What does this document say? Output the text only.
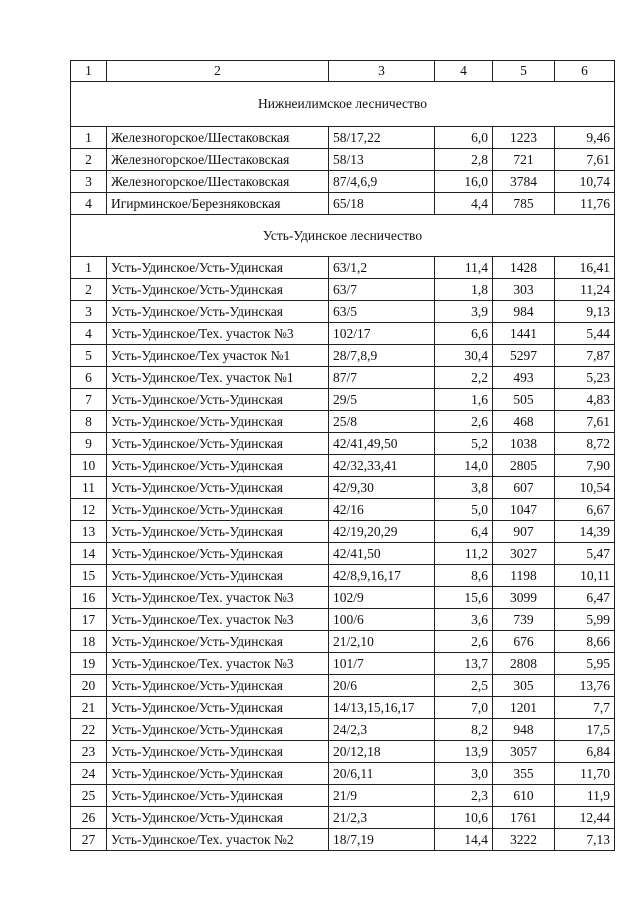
1	2	3	4	5	6
Нижнеилимское лесничество					
1	Железногорское/Шестаковская	58/17,22	6,0	1223	9,46
2	Железногорское/Шестаковская	58/13	2,8	721	7,61
3	Железногорское/Шестаковская	87/4,6,9	16,0	3784	10,74
4	Игирминское/Березняковская	65/18	4,4	785	11,76
Усть-Удинское лесничество					
1	Усть-Удинское/Усть-Удинская	63/1,2	11,4	1428	16,41
2	Усть-Удинское/Усть-Удинская	63/7	1,8	303	11,24
3	Усть-Удинское/Усть-Удинская	63/5	3,9	984	9,13
4	Усть-Удинское/Тех. участок №3	102/17	6,6	1441	5,44
5	Усть-Удинское/Тех участок №1	28/7,8,9	30,4	5297	7,87
6	Усть-Удинское/Тех. участок №1	87/7	2,2	493	5,23
7	Усть-Удинское/Усть-Удинская	29/5	1,6	505	4,83
8	Усть-Удинское/Усть-Удинская	25/8	2,6	468	7,61
9	Усть-Удинское/Усть-Удинская	42/41,49,50	5,2	1038	8,72
10	Усть-Удинское/Усть-Удинская	42/32,33,41	14,0	2805	7,90
11	Усть-Удинское/Усть-Удинская	42/9,30	3,8	607	10,54
12	Усть-Удинское/Усть-Удинская	42/16	5,0	1047	6,67
13	Усть-Удинское/Усть-Удинская	42/19,20,29	6,4	907	14,39
14	Усть-Удинское/Усть-Удинская	42/41,50	11,2	3027	5,47
15	Усть-Удинское/Усть-Удинская	42/8,9,16,17	8,6	1198	10,11
16	Усть-Удинское/Тех. участок №3	102/9	15,6	3099	6,47
17	Усть-Удинское/Тех. участок №3	100/6	3,6	739	5,99
18	Усть-Удинское/Усть-Удинская	21/2,10	2,6	676	8,66
19	Усть-Удинское/Тех. участок №3	101/7	13,7	2808	5,95
20	Усть-Удинское/Усть-Удинская	20/6	2,5	305	13,76
21	Усть-Удинское/Усть-Удинская	14/13,15,16,17	7,0	1201	7,7
22	Усть-Удинское/Усть-Удинская	24/2,3	8,2	948	17,5
23	Усть-Удинское/Усть-Удинская	20/12,18	13,9	3057	6,84
24	Усть-Удинское/Усть-Удинская	20/6,11	3,0	355	11,70
25	Усть-Удинское/Усть-Удинская	21/9	2,3	610	11,9
26	Усть-Удинское/Усть-Удинская	21/2,3	10,6	1761	12,44
27	Усть-Удинское/Тех. участок №2	18/7,19	14,4	3222	7,13
